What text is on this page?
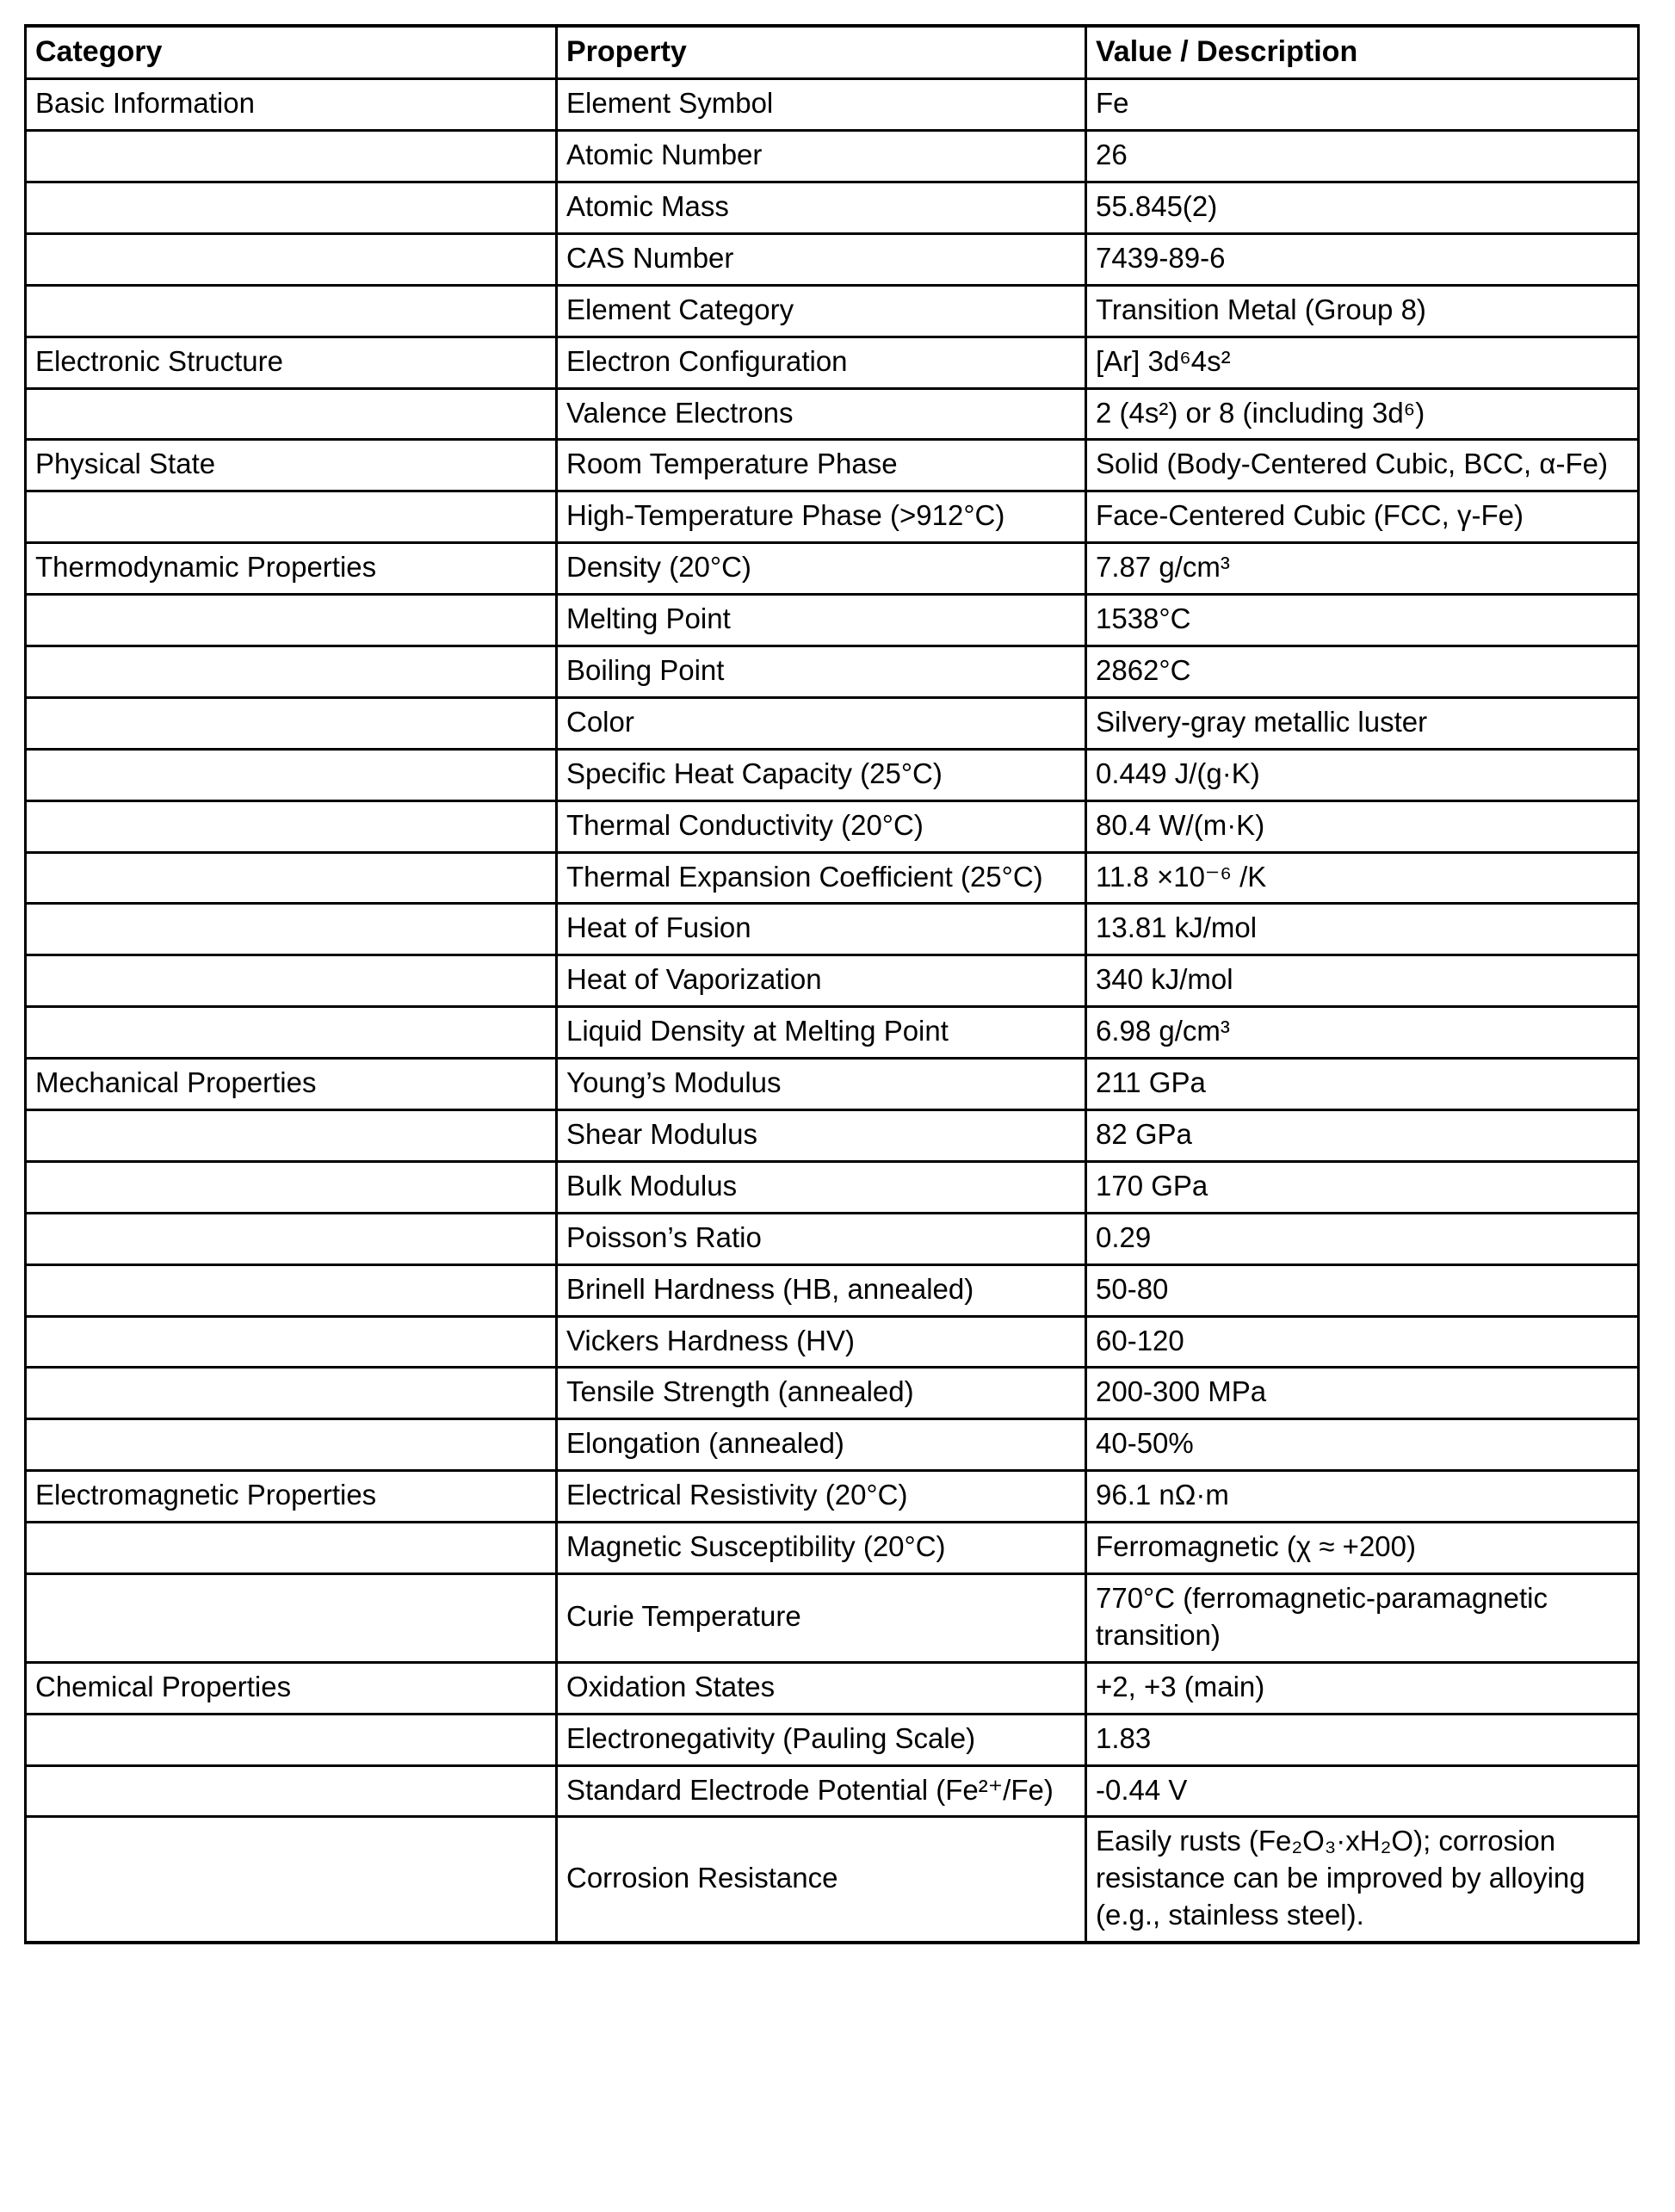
Category	Property	Value / Description
Basic Information	Element Symbol	Fe
	Atomic Number	26
	Atomic Mass	55.845(2)
	CAS Number	7439-89-6
	Element Category	Transition Metal (Group 8)
Electronic Structure	Electron Configuration	[Ar] 3d⁶4s²
	Valence Electrons	2 (4s²) or 8 (including 3d⁶)
Physical State	Room Temperature Phase	Solid (Body-Centered Cubic, BCC, α-Fe)
	High-Temperature Phase (>912°C)	Face-Centered Cubic (FCC, γ-Fe)
Thermodynamic Properties	Density (20°C)	7.87 g/cm³
	Melting Point	1538°C
	Boiling Point	2862°C
	Color	Silvery-gray metallic luster
	Specific Heat Capacity (25°C)	0.449 J/(g·K)
	Thermal Conductivity (20°C)	80.4 W/(m·K)
	Thermal Expansion Coefficient (25°C)	11.8 ×10⁻⁶ /K
	Heat of Fusion	13.81 kJ/mol
	Heat of Vaporization	340 kJ/mol
	Liquid Density at Melting Point	6.98 g/cm³
Mechanical Properties	Young’s Modulus	211 GPa
	Shear Modulus	82 GPa
	Bulk Modulus	170 GPa
	Poisson’s Ratio	0.29
	Brinell Hardness (HB, annealed)	50-80
	Vickers Hardness (HV)	60-120
	Tensile Strength (annealed)	200-300 MPa
	Elongation (annealed)	40-50%
Electromagnetic Properties	Electrical Resistivity (20°C)	96.1 nΩ·m
	Magnetic Susceptibility (20°C)	Ferromagnetic (χ ≈ +200)
	Curie Temperature	770°C (ferromagnetic-paramagnetic transition)
Chemical Properties	Oxidation States	+2, +3 (main)
	Electronegativity (Pauling Scale)	1.83
	Standard Electrode Potential (Fe²⁺/Fe)	-0.44 V
	Corrosion Resistance	Easily rusts (Fe₂O₃·xH₂O); corrosion resistance can be improved by alloying (e.g., stainless steel).
